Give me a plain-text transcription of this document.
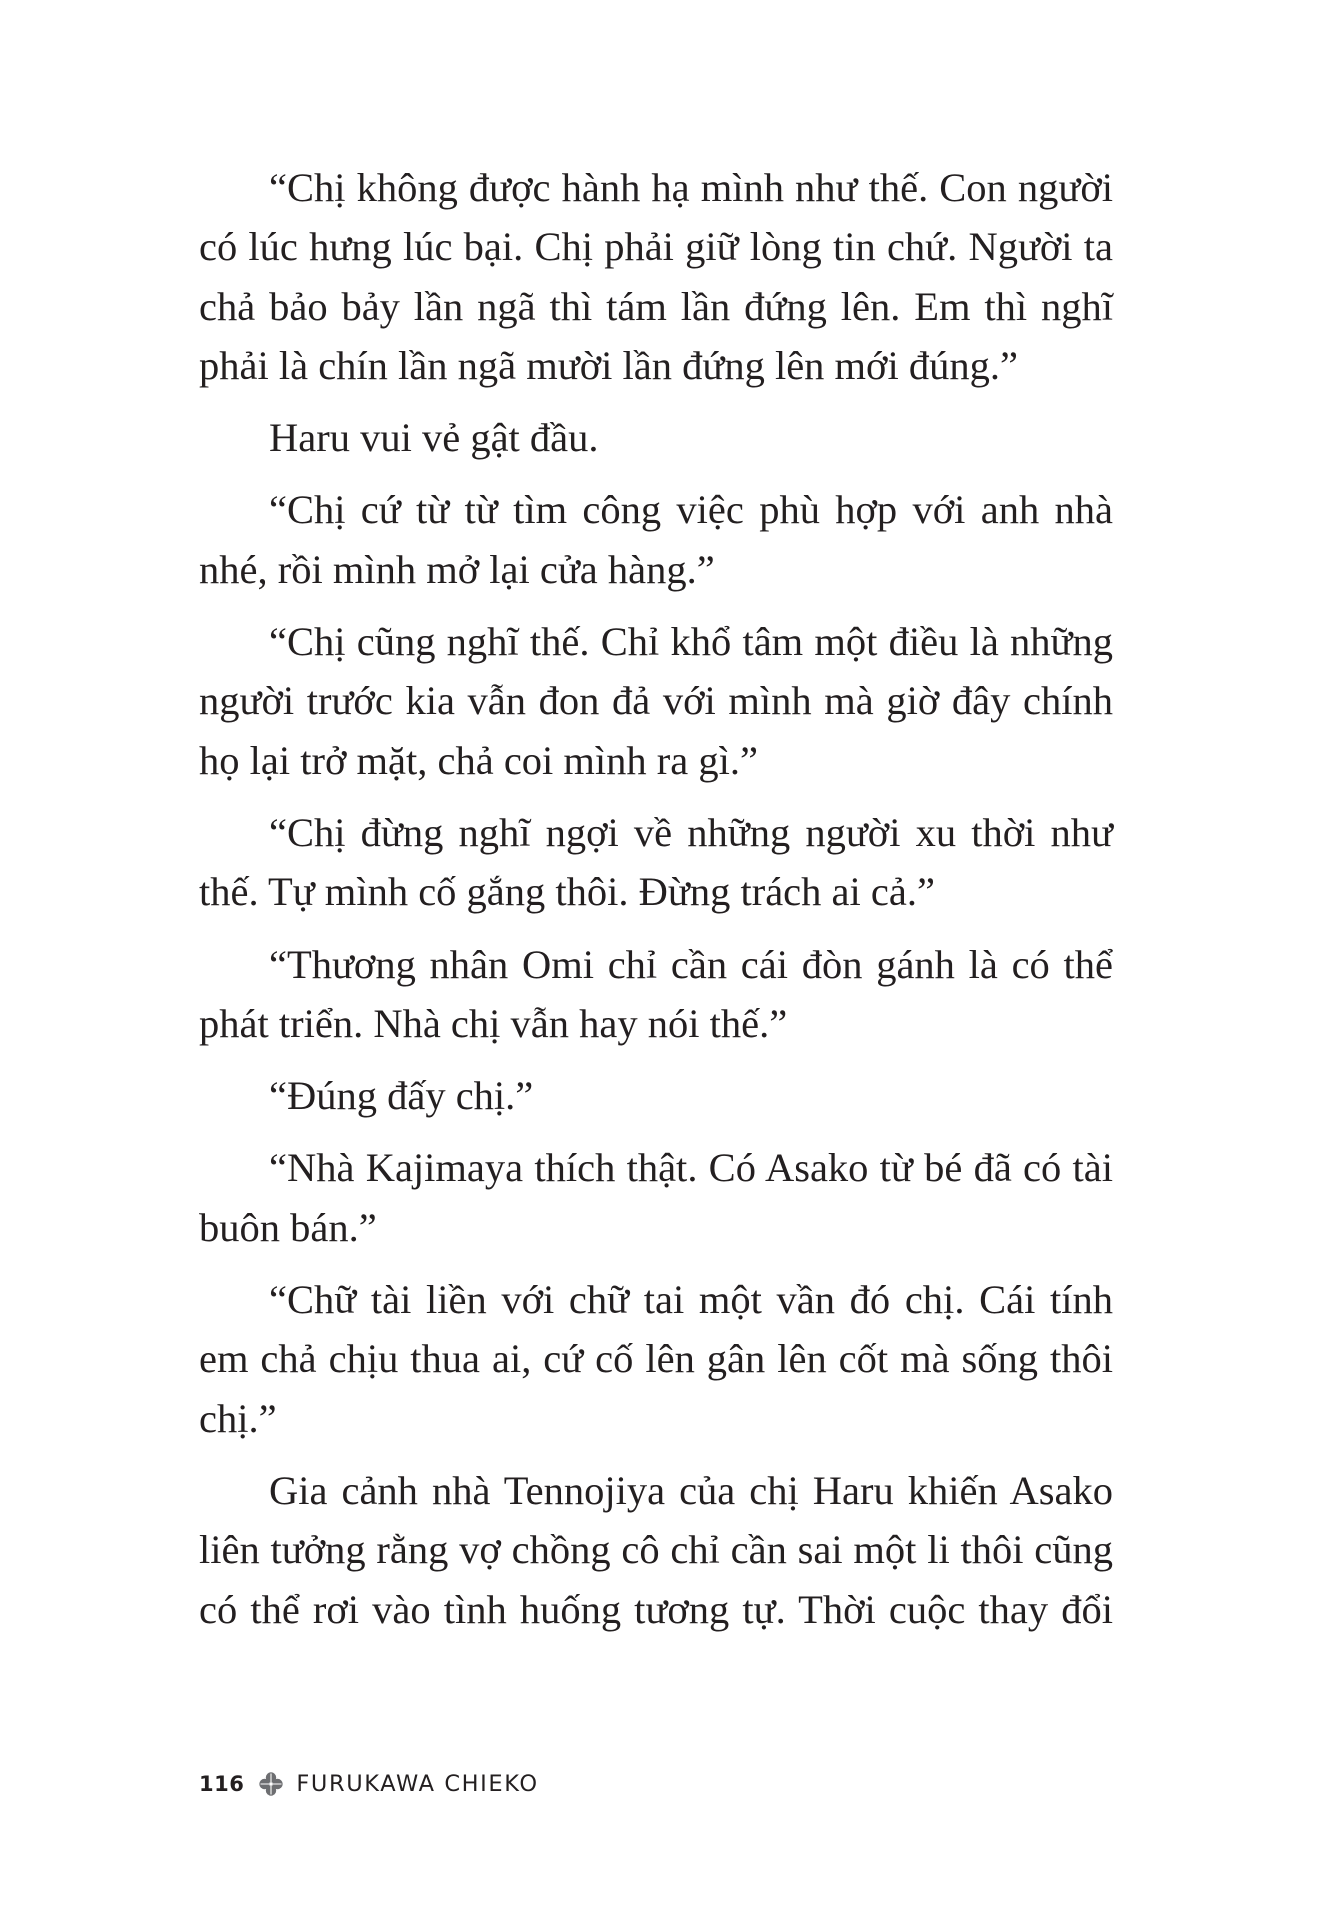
“Chị không được hành hạ mình như thế. Con người có lúc hưng lúc bại. Chị phải giữ lòng tin chứ. Người ta chả bảo bảy lần ngã thì tám lần đứng lên. Em thì nghĩ phải là chín lần ngã mười lần đứng lên mới đúng.”

Haru vui vẻ gật đầu.

“Chị cứ từ từ tìm công việc phù hợp với anh nhà nhé, rồi mình mở lại cửa hàng.”

“Chị cũng nghĩ thế. Chỉ khổ tâm một điều là những người trước kia vẫn đon đả với mình mà giờ đây chính họ lại trở mặt, chả coi mình ra gì.”

“Chị đừng nghĩ ngợi về những người xu thời như thế. Tự mình cố gắng thôi. Đừng trách ai cả.”

“Thương nhân Omi chỉ cần cái đòn gánh là có thể phát triển. Nhà chị vẫn hay nói thế.”

“Đúng đấy chị.”

“Nhà Kajimaya thích thật. Có Asako từ bé đã có tài buôn bán.”

“Chữ tài liền với chữ tai một vần đó chị. Cái tính em chả chịu thua ai, cứ cố lên gân lên cốt mà sống thôi chị.”

Gia cảnh nhà Tennojiya của chị Haru khiến Asako liên tưởng rằng vợ chồng cô chỉ cần sai một li thôi cũng có thể rơi vào tình huống tương tự. Thời cuộc thay đổi

116 FURUKAWA CHIEKO
